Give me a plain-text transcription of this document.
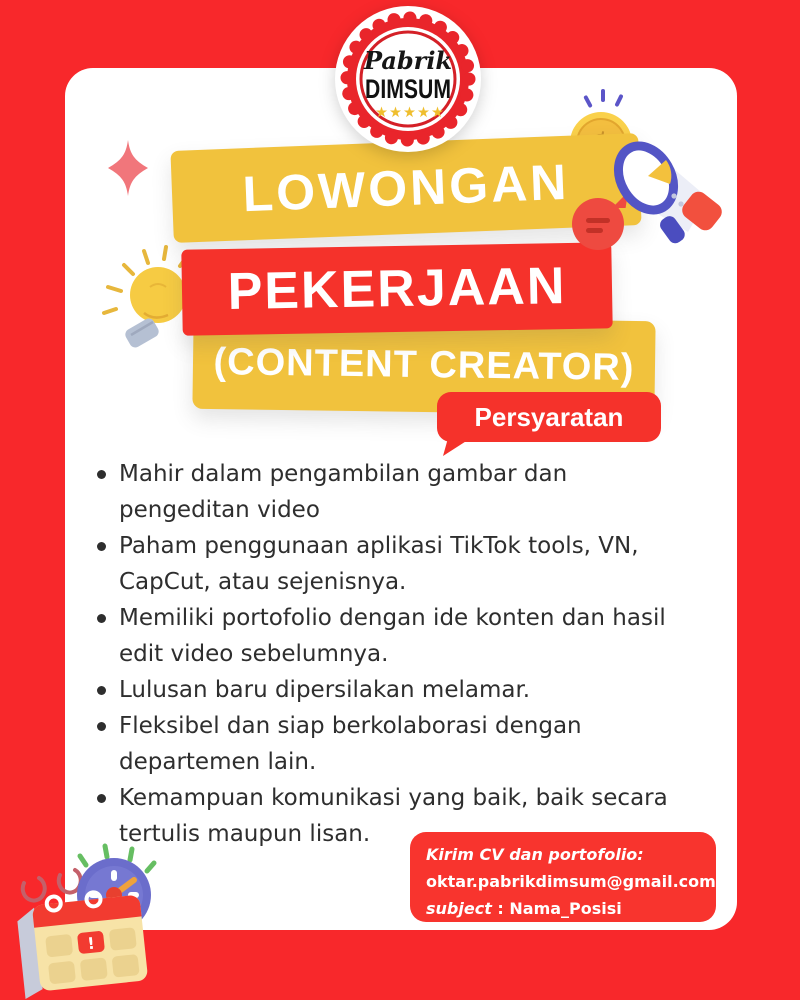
Pabrik
DIMSUM
★★★★★
LOWONGAN
PEKERJAAN
(CONTENT CREATOR)
Persyaratan
Mahir dalam pengambilan gambar dan
pengeditan video
Paham penggunaan aplikasi TikTok tools, VN,
CapCut, atau sejenisnya.
Memiliki portofolio dengan ide konten dan hasil
edit video sebelumnya.
Lulusan baru dipersilakan melamar.
Fleksibel dan siap berkolaborasi dengan
departemen lain.
Kemampuan komunikasi yang baik, baik secara
tertulis maupun lisan.
Kirim CV dan portofolio:
oktar.pabrikdimsum@gmail.com
subject : Nama_Posisi
!
